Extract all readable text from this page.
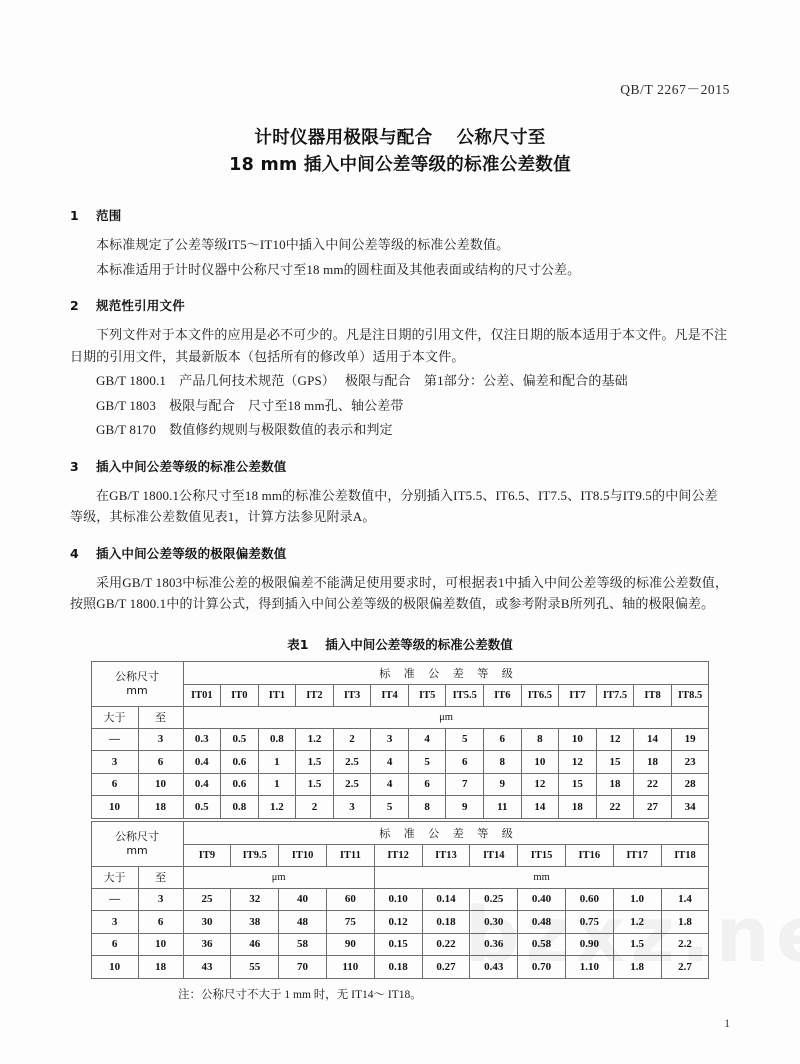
QB/T 2267－2015
计时仪器用极限与配合　 公称尺寸至
18 mm 插入中间公差等级的标准公差数值
1 范围

本标准规定了公差等级IT5～IT10中插入中间公差等级的标准公差数值。

本标准适用于计时仪器中公称尺寸至18 mm的圆柱面及其他表面或结构的尺寸公差。

2 规范性引用文件

下列文件对于本文件的应用是必不可少的。凡是注日期的引用文件，仅注日期的版本适用于本文件。凡是不注日期的引用文件，其最新版本（包括所有的修改单）适用于本文件。

GB/T 1800.1　产品几何技术规范（GPS）　 极限与配合　第1部分：公差、偏差和配合的基础

GB/T 1803　极限与配合　尺寸至18 mm孔、轴公差带

GB/T 8170　数值修约规则与极限数值的表示和判定

3 插入中间公差等级的标准公差数值

在GB/T 1800.1公称尺寸至18 mm的标准公差数值中，分别插入IT5.5、IT6.5、IT7.5、IT8.5与IT9.5的中间公差等级，其标准公差数值见表1，计算方法参见附录A。

4 插入中间公差等级的极限偏差数值

采用GB/T 1803中标准公差的极限偏差不能满足使用要求时，可根据表1中插入中间公差等级的标准公差数值，按照GB/T 1800.1中的计算公式，得到插入中间公差等级的极限偏差数值，或参考附录B所列孔、轴的极限偏差。

表1　 插入中间公差等级的标准公差数值
公称尺寸
mm		标 准 公 差 等 级													
		IT01	IT0	IT1	IT2	IT3	IT4	IT5	IT5.5	IT6	IT6.5	IT7	IT7.5	IT8	IT8.5
大于	至	μm													
—	3	0.3	0.5	0.8	1.2	2	3	4	5	6	8	10	12	14	19
3	6	0.4	0.6	1	1.5	2.5	4	5	6	8	10	12	15	18	23
6	10	0.4	0.6	1	1.5	2.5	4	6	7	9	12	15	18	22	28
10	18	0.5	0.8	1.2	2	3	5	8	9	11	14	18	22	27	34
公称尺寸
mm		标 准 公 差 等 级										
		IT9	IT9.5	IT10	IT11	IT12	IT13	IT14	IT15	IT16	IT17	IT18
大于	至	μm				mm						
—	3	25	32	40	60	0.10	0.14	0.25	0.40	0.60	1.0	1.4
3	6	30	38	48	75	0.12	0.18	0.30	0.48	0.75	1.2	1.8
6	10	36	46	58	90	0.15	0.22	0.36	0.58	0.90	1.5	2.2
10	18	43	55	70	110	0.18	0.27	0.43	0.70	1.10	1.8	2.7

注：公称尺寸不大于 1 mm 时，无 IT14～ IT18。

1
